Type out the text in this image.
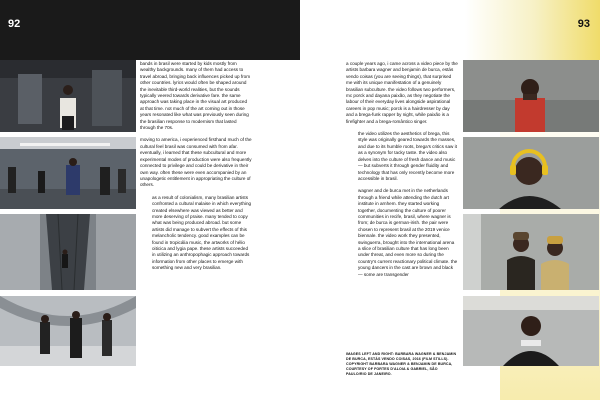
92	93

bands in brasil were started by kids mostly from wealthy backgrounds. many of them had access to travel abroad, bringing back influences picked up from other countries. lyrics would often be shaped around the inevitable third-world realities, but the sounds typically veered towards derivative fare. the same approach was taking place in the visual art produced at that time. not much of the art coming out in those years resonated like what was previously seen during the brasilian response to modernism that lasted through the 70s.

moving to america, i experienced firsthand much of the cultural feel brasil was consumed with from afar. eventually, i learned that these subcultural and more experimental modes of production were also frequently connected to privilege and could be derivative in their own way. often these were even accompanied by an unapologetic entitlement in appropriating the culture of others.

as a result of colonialism, many brasilian artists confronted a cultural malaise in which everything created elsewhere was viewed as better and more deserving of praise. many tended to copy what was being produced abroad. but some artists did manage to subvert the effects of this melancholic tendency. good examples can be found in tropicália music, the artworks of hélio oiticica and lygia pape. these artists succeeded in utilizing an anthropophagic approach towards information from other places to emerge with something new and very brasilian.

a couple years ago, i came across a video piece by the artists barbara wagner and benjamin de burca, estás vendo coisas (you are seeing things), that surprised me with its unique manifestation of a genuinely brasilian subculture. the video follows two performers, mc porck and dayana paixão, as they negotiate the labour of their everyday lives alongside aspirational careers in pop music; porck is a hairdresser by day and a brega-funk rapper by night, while paixão is a firefighter and a brega-romântico singer.

the video utilizes the aesthetics of brega, this style was originally geared towards the masses, and due to its humble roots, brega's critics saw it as a synonym for tacky taste. the video also delves into the culture of fresh dance and music — but subverts it through gender fluidity and technology that has only recently become more accessible in brasil.

wagner and de burca met in the netherlands through a friend while attending the dutch art institute in arnhem. they started working together, documenting the culture of poorer communities in recife, brasil, where wagner is from; de burca is german-irish. the pair were chosen to represent brasil at the 2019 venice biennale. the video work they presented, swinguerra, brought into the international arena a slice of brasilian culture that has long been under threat, and even more so during the country's current reactionary political climate. the young dancers in the cast are brown and black — some are transgender

IMAGES LEFT AND RIGHT: BARBARA WAGNER & BENJAMIN DE BURCA, ESTÁS VENDO COISAS, 2016 (FILM STILLS). COPYRIGHT BARBARA WAGNER & BENJAMIN DE BURCA, COURTESY OF FORTES D'ALOIA & GABRIEL, SÃO PAULO/RIO DE JANEIRO.
